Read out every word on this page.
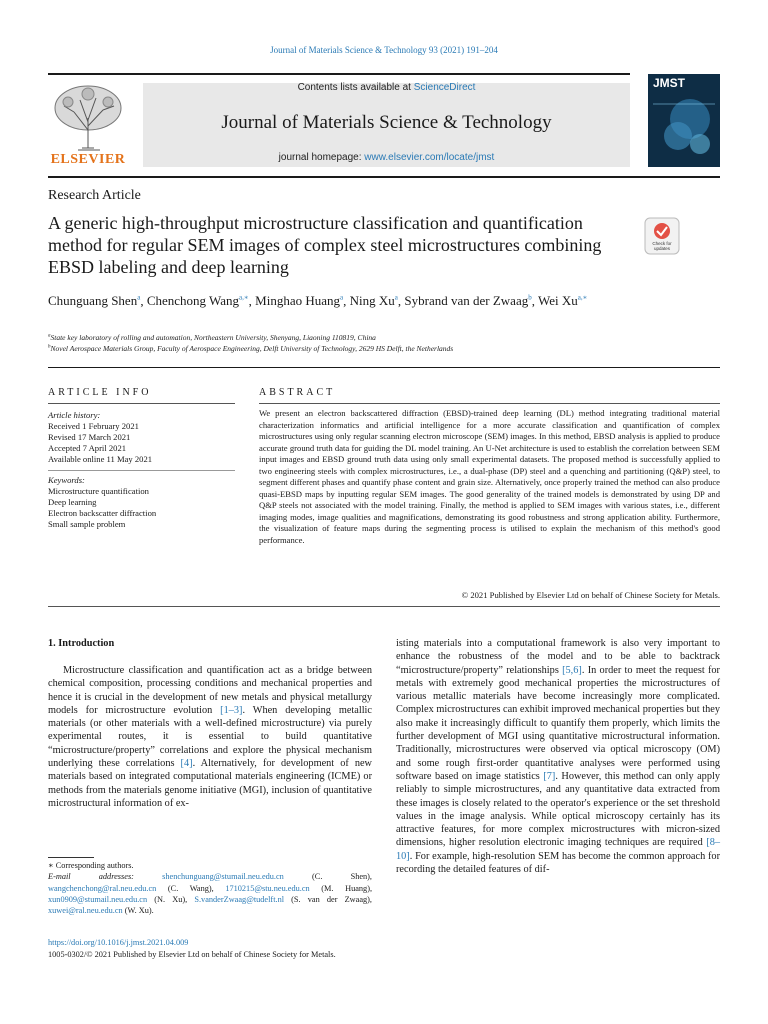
Journal of Materials Science & Technology 93 (2021) 191–204
Contents lists available at ScienceDirect
Journal of Materials Science & Technology
journal homepage: www.elsevier.com/locate/jmst
ELSEVIER
JMST
Research Article
A generic high-throughput microstructure classification and quantification method for regular SEM images of complex steel microstructures combining EBSD labeling and deep learning
Check for updates
Chunguang Shen$^a$, Chenchong Wang$^{a,∗}$, Minghao Huang$^a$, Ning Xu$^a$, Sybrand van der Zwaag$^b$, Wei $Xu^{a,∗}$
$^a$State key laboratory of rolling and automation, Northeastern University, Shenyang, Liaoning 110819, China
$^b$Novel Aerospace Materials Group, Faculty of Aerospace Engineering, Delft University of Technology, 2629 HS Delft, the Netherlands
ARTICLE INFO
Article history:
Received 1 February 2021
Revised 17 March 2021
Accepted 7 April 2021
Available online 11 May 2021
Keywords:
Microstructure quantification
Deep learning
Electron backscatter diffraction
Small sample problem
ABSTRACT
We present an electron backscattered diffraction (EBSD)-trained deep learning (DL) method integrating traditional material characterization informatics and artificial intelligence for a more accurate classification and quantification of complex microstructures using only regular scanning electron microscope (SEM) images. In this method, EBSD analysis is applied to produce accurate ground truth data for guiding the DL model training. An U-Net architecture is used to establish the correlation between SEM input images and EBSD ground truth data using only small experimental datasets. The proposed method is successfully applied to two engineering steels with complex microstructures, i.e., a dual-phase (DP) steel and a quenching and partitioning (Q&P) steel, to segment different phases and quantify phase content and grain size. Alternatively, once properly trained the method can also produce quasi-EBSD maps by inputting regular SEM images. The good generality of the trained models is demonstrated by using DP and Q&P steels not associated with the model training. Finally, the method is applied to SEM images with various states, i.e., different imaging modes, image qualities and magnifications, demonstrating its good robustness and strong application ability. Furthermore, the visualization of feature maps during the segmenting process is utilised to explain the mechanism of this method's good performance.
© 2021 Published by Elsevier Ltd on behalf of Chinese Society for Metals.
1. Introduction
Microstructure classification and quantification act as a bridge between chemical composition, processing conditions and mechanical properties and hence it is crucial in the development of new metals and physical metallurgy models for microstructure evolution [1–3]. When developing metallic materials (or other materials with a well-defined microstructure) via purely experimental routes, it is essential to build quantitative “microstructure/property” correlations and explore the physical mechanism underlying these correlations [4]. Alternatively, for development of new materials based on integrated computational materials engineering (ICME) or methods from the materials genome initiative (MGI), inclusion of quantitative microstructural information of ex-
isting materials into a computational framework is also very important to enhance the robustness of the model and to be able to backtrack “microstructure/property” relationships [5,6]. In order to meet the request for metals with extremely good mechanical properties the microstructures of various metallic materials have become increasingly more complicated. Complex microstructures can exhibit improved mechanical properties but they also make it increasingly difficult to quantify them properly, which limits the further development of MGI using quantitative microstructural information. Traditionally, microstructures were observed via optical microscopy (OM) and some rough first-order quantitative analyses were performed using software based on image statistics [7]. However, this method can only apply reliably to simple microstructures, and any quantitative data extracted from these images is closely related to the operator's experience or the set threshold values in the image analysis. While optical microscopy certainly has its attractive features, for more complex microstructures with micron-sized dimensions, higher resolution electronic imaging techniques are required [8–10]. For example, high-resolution SEM has become the common approach for recording the detailed features of dif-
∗ Corresponding authors.
E-mail addresses:	shenchunguang@stumail.neu.edu.cn	(C. Shen), wangchenchong@ral.neu.edu.cn (C. Wang), 1710215@stu.neu.edu.cn (M. Huang), xun0909@stumail.neu.edu.cn (N. Xu), S.vanderZwaag@tudelft.nl (S. van der Zwaag), xuwei@ral.neu.edu.cn (W. Xu).
https://doi.org/10.1016/j.jmst.2021.04.009
1005-0302/© 2021 Published by Elsevier Ltd on behalf of Chinese Society for Metals.
